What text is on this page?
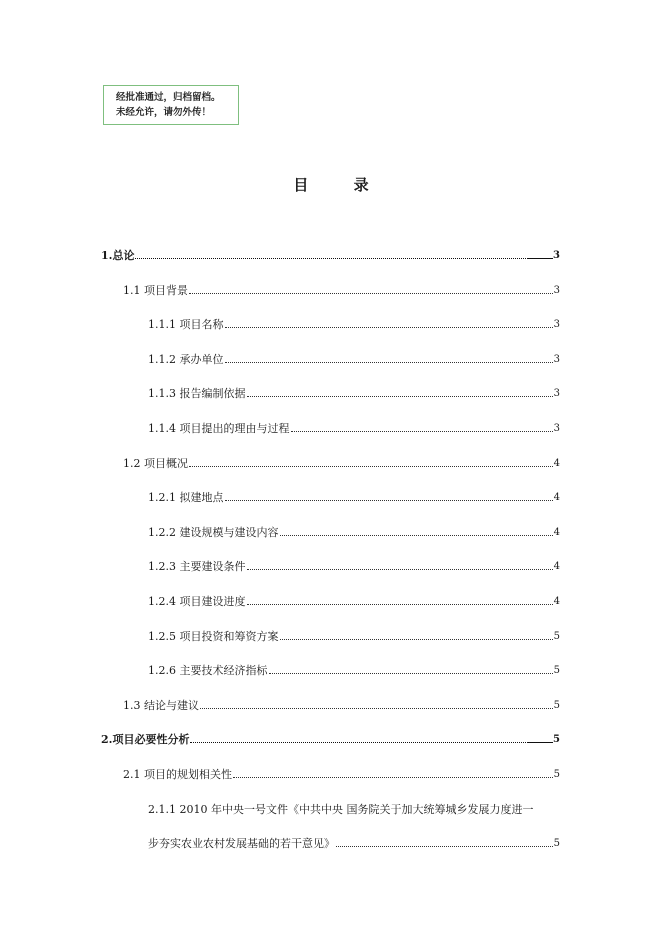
经批准通过，归档留档。
未经允许，请勿外传！
目 录
1.总论	3
1.1 项目背景	3
1.1.1 项目名称	3
1.1.2 承办单位	3
1.1.3 报告编制依据	3
1.1.4 项目提出的理由与过程	3
1.2 项目概况	4
1.2.1 拟建地点	4
1.2.2 建设规模与建设内容	4
1.2.3 主要建设条件	4
1.2.4 项目建设进度	4
1.2.5 项目投资和筹资方案	5
1.2.6 主要技术经济指标	5
1.3 结论与建议	5
2.项目必要性分析	5
2.1 项目的规划相关性	5
2.1.1 2010 年中央一号文件《中共中央 国务院关于加大统筹城乡发展力度进一
步夯实农业农村发展基础的若干意见》	5
